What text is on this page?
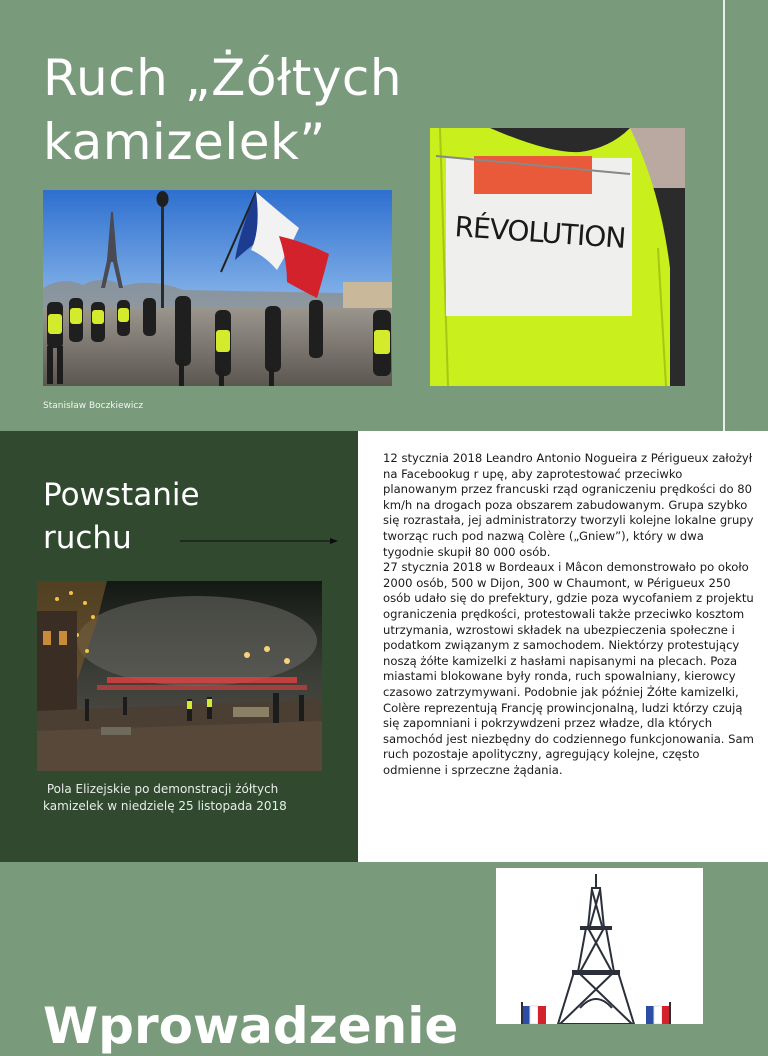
Ruch „Żółtych
kamizelek”
RÉVOLUTION
Stanisław Boczkiewicz
Powstanie
ruchu
Pola Elizejskie po demonstracji żółtych kamizelek w niedzielę 25 listopada 2018

12 stycznia 2018 Leandro Antonio Nogueira z Périgueux założył na Facebookug r upę, aby zaprotestować przeciwko planowanym przez francuski rząd ograniczeniu prędkości do 80 km/h na drogach poza obszarem zabudowanym. Grupa szybko się rozrastała, jej administratorzy tworzyli kolejne lokalne grupy tworząc ruch pod nazwą Colère („Gniew”), który w dwa tygodnie skupił 80 000 osób.

27 stycznia 2018 w Bordeaux i Mâcon demonstrowało po około 2000 osób, 500 w Dijon, 300 w Chaumont, w Périgueux 250 osób udało się do prefektury, gdzie poza wycofaniem z projektu ograniczenia prędkości, protestowali także przeciwko kosztom utrzymania, wzrostowi składek na ubezpieczenia społeczne i podatkom związanym z samochodem. Niektórzy protestujący noszą żółte kamizelki z hasłami napisanymi na plecach. Poza miastami blokowane były ronda, ruch spowalniany, kierowcy czasowo zatrzymywani. Podobnie jak później Żółte kamizelki, Colère reprezentują Francję prowincjonalną, ludzi którzy czują się zapomniani i pokrzywdzeni przez władze, dla których samochód jest niezbędny do codziennego funkcjonowania. Sam ruch pozostaje apolityczny, agregujący kolejne, często odmienne i sprzeczne żądania.

Wprowadzenie
